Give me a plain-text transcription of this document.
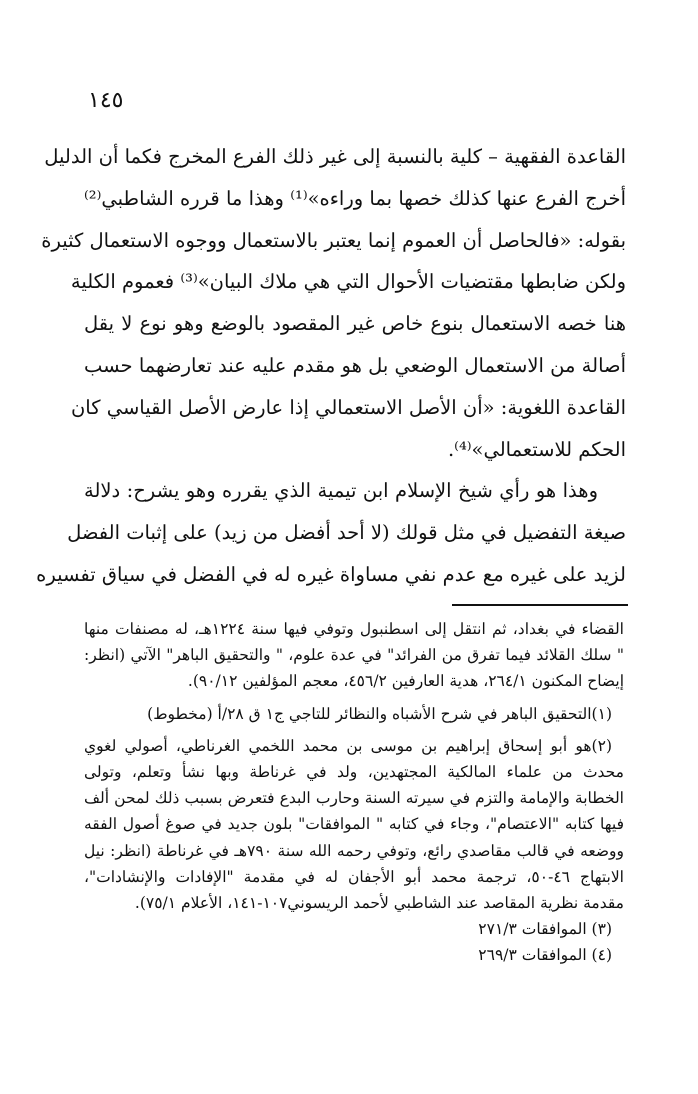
١٤٥
القاعدة الفقهية – كلية بالنسبة إلى غير ذلك الفرع المخرج فكما أن الدليل
أخرج الفرع عنها كذلك خصها بما وراءه»⁽¹⁾ وهذا ما قرره الشاطبي⁽²⁾
بقوله: «فالحاصل أن العموم إنما يعتبر بالاستعمال ووجوه الاستعمال كثيرة
ولكن ضابطها مقتضيات الأحوال التي هي ملاك البيان»⁽³⁾ فعموم الكلية
هنا خصه الاستعمال بنوع خاص غير المقصود بالوضع وهو نوع لا يقل
أصالة من الاستعمال الوضعي بل هو مقدم عليه عند تعارضهما حسب
القاعدة اللغوية: «أن الأصل الاستعمالي إذا عارض الأصل القياسي كان
الحكم للاستعمالي»⁽⁴⁾.
وهذا هو رأي شيخ الإسلام ابن تيمية الذي يقرره وهو يشرح: دلالة
صيغة التفضيل في مثل قولك (لا أحد أفضل من زيد) على إثبات الفضل
لزيد على غيره مع عدم نفي مساواة غيره له في الفضل في سياق تفسيره
القضاء في بغداد، ثم انتقل إلى اسطنبول وتوفي فيها سنة ١٢٢٤هـ، له مصنفات منها
" سلك القلائد فيما تفرق من الفرائد" في عدة علوم، " والتحقيق الباهر" الآتي (انظر:
إيضاح المكنون ٢٦٤/١، هدية العارفين ٤٥٦/٢، معجم المؤلفين ٩٠/١٢).
(١)التحقيق الباهر في شرح الأشباه والنظائر للتاجي ج١ ق ٢٨/أ (مخطوط)
(٢)هو أبو إسحاق إبراهيم بن موسى بن محمد اللخمي الغرناطي، أصولي لغوي
محدث من علماء المالكية المجتهدين، ولد في غرناطة وبها نشأ وتعلم، وتولى
الخطابة والإمامة والتزم في سيرته السنة وحارب البدع فتعرض بسبب ذلك لمحن ألف
فيها كتابه "الاعتصام"، وجاء في كتابه " الموافقات" بلون جديد في صوغ أصول الفقه
ووضعه في قالب مقاصدي رائع، وتوفي رحمه الله سنة ٧٩٠هـ في غرناطة (انظر: نيل
الابتهاج ٤٦-٥٠، ترجمة محمد أبو الأجفان له في مقدمة "الإفادات والإنشادات"،
مقدمة نظرية المقاصد عند الشاطبي لأحمد الريسوني١٠٧-١٤١، الأعلام ٧٥/١).
(٣) الموافقات ٢٧١/٣
(٤) الموافقات ٢٦٩/٣
